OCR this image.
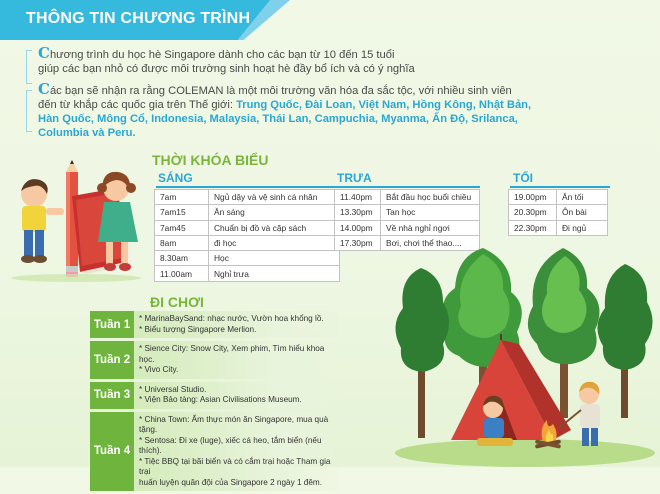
THÔNG TIN CHƯƠNG TRÌNH
Chương trình du học hè Singapore dành cho các bạn từ 10 đến 15 tuổi
giúp các bạn nhỏ có được môi trường sinh hoạt hè đầy bổ ích và có ý nghĩa
Các bạn sẽ nhận ra rằng COLEMAN là một môi trường văn hóa đa sắc tộc, với nhiều sinh viên
đến từ khắp các quốc gia trên Thế giới: Trung Quốc, Đài Loan, Việt Nam, Hồng Kông, Nhật Bản,
Hàn Quốc, Mông Cổ, Indonesia, Malaysia, Thái Lan, Campuchia, Myanma, Ấn Độ, Srilanca,
Columbia và Peru.
THỜI KHÓA BIỂU
SÁNG
7am	Ngủ dậy và vệ sinh cá nhân
7am15	Ăn sáng
7am45	Chuẩn bị đồ và cặp sách
8am	đi học
8.30am	Học
11.00am	Nghỉ trưa
TRƯA
11.40pm	Bắt đầu học buổi chiều
13.30pm	Tan học
14.00pm	Về nhà nghỉ ngơi
17.30pm	Bơi, chơi thể thao....
TỐI
19.00pm	Ăn tối
20.30pm	Ôn bài
22.30pm	Đi ngủ
ĐI CHƠI
Tuần 1	* MarinaBaySand: nhạc nước, Vườn hoa khổng lồ.
* Biểu tượng Singapore Merlion.
Tuần 2
* Sience City: Snow City, Xem phim, Tìm hiểu khoa học.
* Vivo City.
Tuần 3	* Universal Studio.
* Viện Bảo tàng: Asian Civilisations Museum.
Tuần 4
* China Town: Ẩm thực món ăn Singapore, mua quà tặng.
* Sentosa: Đi xe (luge), xiếc cá heo, tắm biển (nếu thích).
* Tiệc BBQ tại bãi biển và có cắm trại hoặc Tham gia trại
huấn luyện quân đội của Singapore 2 ngày 1 đêm.
